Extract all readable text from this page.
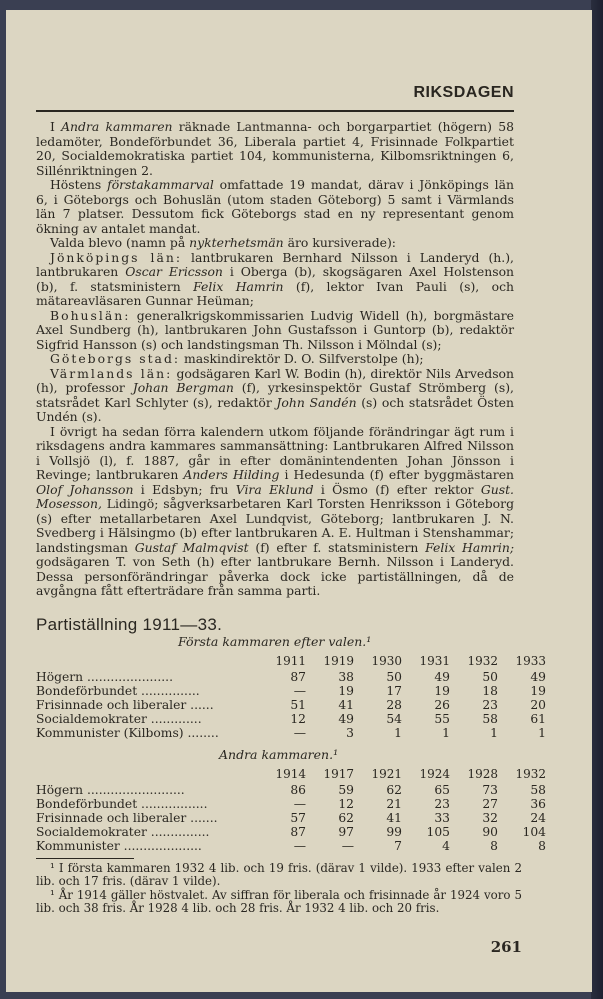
RIKSDAGEN

I Andra kammaren räknade Lantmanna- och borgarpartiet (högern) 58 ledamöter, Bondeförbundet 36, Liberala partiet 4, Frisinnade Folkpartiet 20, Socialdemokratiska partiet 104, kommunisterna, Kilbomsriktningen 6, Sillénriktningen 2.

Höstens förstakammarval omfattade 19 mandat, därav i Jönköpings län 6, i Göteborgs och Bohuslän (utom staden Göteborg) 5 samt i Värmlands län 7 platser. Dessutom fick Göteborgs stad en ny representant genom ökning av antalet mandat.

Valda blevo (namn på nykterhetsmän äro kursiverade):

Jönköpings län: lantbrukaren Bernhard Nilsson i Landeryd (h.), lantbrukaren Oscar Ericsson i Oberga (b), skogsägaren Axel Holstenson (b), f. statsministern Felix Hamrin (f), lektor Ivan Pauli (s), och mätareavläsaren Gunnar Heüman;

Bohuslän: generalkrigskommissarien Ludvig Widell (h), borgmästare Axel Sundberg (h), lantbrukaren John Gustafsson i Guntorp (b), redaktör Sigfrid Hansson (s) och landstingsman Th. Nilsson i Mölndal (s);

Göteborgs stad: maskindirektör D. O. Silfverstolpe (h);

Värmlands län: godsägaren Karl W. Bodin (h), direktör Nils Arvedson (h), professor Johan Bergman (f), yrkesinspektör Gustaf Strömberg (s), statsrådet Karl Schlyter (s), redaktör John Sandén (s) och statsrådet Östen Undén (s).

I övrigt ha sedan förra kalendern utkom följande förändringar ägt rum i riksdagens andra kammares sammansättning: Lantbrukaren Alfred Nilsson i Vollsjö (l), f. 1887, går in efter domänintendenten Johan Jönsson i Revinge; lantbrukaren Anders Hilding i Hedesunda (f) efter byggmästaren Olof Johansson i Edsbyn; fru Vira Eklund i Ösmo (f) efter rektor Gust. Mosesson, Lidingö; sågverksarbetaren Karl Torsten Henriksson i Göteborg (s) efter metallarbetaren Axel Lundqvist, Göteborg; lantbrukaren J. N. Svedberg i Hälsingmo (b) efter lantbrukaren A. E. Hultman i Stenshammar; landstingsman Gustaf Malmqvist (f) efter f. statsministern Felix Hamrin; godsägaren T. von Seth (h) efter lantbrukare Bernh. Nilsson i Landeryd. Dessa personförändringar påverka dock icke partiställningen, då de avgångna fått efterträdare från samma parti.

Partiställning 1911—33.
Första kammaren efter valen.¹
	1911	1919	1930	1931	1932	1933
Högern ......................	87	38	50	49	50	49
Bondeförbundet ...............	—	19	17	19	18	19
Frisinnade och liberaler ......	51	41	28	26	23	20
Socialdemokrater .............	12	49	54	55	58	61
Kommunister (Kilboms) ........	—	3	1	1	1	1
Andra kammaren.¹
	1914	1917	1921	1924	1928	1932
Högern .........................	86	59	62	65	73	58
Bondeförbundet .................	—	12	21	23	27	36
Frisinnade och liberaler .......	57	62	41	33	32	24
Socialdemokrater ...............	87	97	99	105	90	104
Kommunister ....................	—	—	7	4	8	8

¹ I första kammaren 1932 4 lib. och 19 fris. (därav 1 vilde). 1933 efter valen 2 lib. och 17 fris. (därav 1 vilde).

¹ År 1914 gäller höstvalet. Av siffran för liberala och frisinnade år 1924 voro 5 lib. och 38 fris. År 1928 4 lib. och 28 fris. År 1932 4 lib. och 20 fris.

261
